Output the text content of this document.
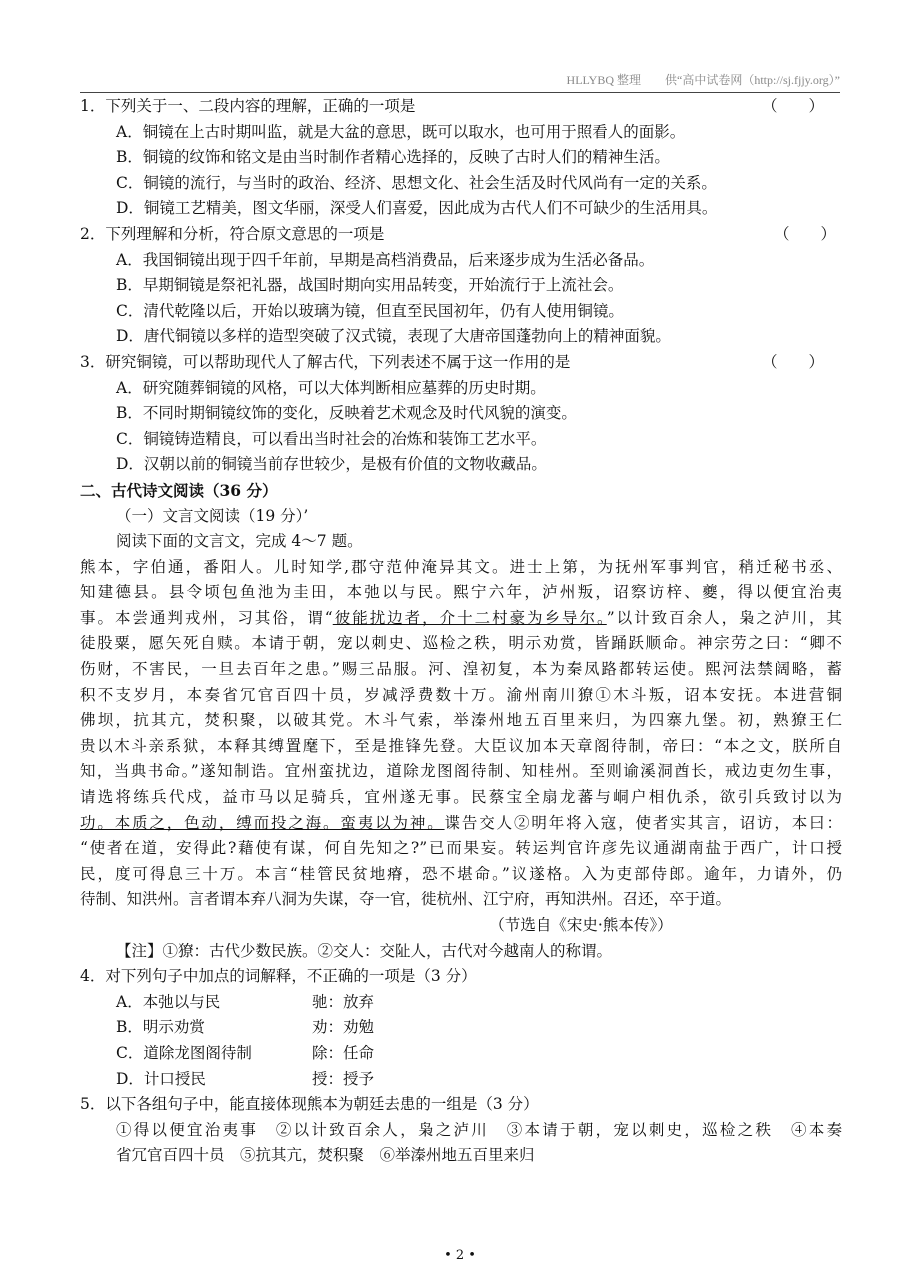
HLLYBQ 整理　　供“高中试卷网（http://sj.fjjy.org）”
1．下列关于一、二段内容的理解，正确的一项是	（　　）
A．铜镜在上古时期叫监，就是大盆的意思，既可以取水，也可用于照看人的面影。
B．铜镜的纹饰和铭文是由当时制作者精心选择的，反映了古时人们的精神生活。
C．铜镜的流行，与当时的政治、经济、思想文化、社会生活及时代风尚有一定的关系。
D．铜镜工艺精美，图文华丽，深受人们喜爱，因此成为古代人们不可缺少的生活用具。
2．下列理解和分析，符合原文意思的一项是	（　　）
A．我国铜镜出现于四千年前，早期是高档消费品，后来逐步成为生活必备品。
B．早期铜镜是祭祀礼器，战国时期向实用品转变，开始流行于上流社会。
C．清代乾隆以后，开始以玻璃为镜，但直至民国初年，仍有人使用铜镜。
D．唐代铜镜以多样的造型突破了汉式镜，表现了大唐帝国蓬勃向上的精神面貌。
3．研究铜镜，可以帮助现代人了解古代，下列表述不属于这一作用的是	（　　）
A．研究随葬铜镜的风格，可以大体判断相应墓葬的历史时期。
B．不同时期铜镜纹饰的变化，反映着艺术观念及时代风貌的演变。
C．铜镜铸造精良，可以看出当时社会的冶炼和装饰工艺水平。
D．汉朝以前的铜镜当前存世较少，是极有价值的文物收藏品。
二、古代诗文阅读（36 分）
（一）文言文阅读（19 分）’
阅读下面的文言文，完成 4～7 题。
熊本，字伯通，番阳人。儿时知学,郡守范仲淹异其文。进士上第，为抚州军事判官，稍迁秘书丞、
知建德县。县令顷包鱼池为圭田，本弛以与民。熙宁六年，泸州叛，诏察访梓、夔，得以便宜治夷
事。本尝通判戎州，习其俗，谓“彼能扰边者，介十二村豪为乡导尔。”以计致百余人，枭之泸川，其
徒股粟，愿矢死自赎。本请于朝，宠以刺史、巡检之秩，明示劝赏，皆踊跃顺命。神宗劳之曰：“卿不
伤财，不害民，一旦去百年之患。”赐三品服。河、湟初复，本为秦凤路都转运使。熙河法禁阔略，蓄
积不支岁月，本奏省冗官百四十员，岁减浮费数十万。渝州南川獠①木斗叛，诏本安抚。本进营铜
佛坝，抗其亢，焚积聚，以破其党。木斗气索，举溱州地五百里来归，为四寨九堡。初，熟獠王仁
贵以木斗亲系狱，本释其缚置麾下，至是推锋先登。大臣议加本天章阁待制，帝曰：“本之文，朕所自
知，当典书命。”遂知制诰。宜州蛮扰边，道除龙图阁待制、知桂州。至则谕溪洞酋长，戒边吏勿生事，
请选将练兵代戍，益市马以足骑兵，宜州遂无事。民蔡宝全扇龙蕃与峒户相仇杀，欲引兵致讨以为
功。本质之，色动，缚而投之海。蛮夷以为神。谍告交人②明年将入寇，使者实其言，诏访，本曰：
“使者在道，安得此?藉使有谋，何自先知之?”已而果妄。转运判官许彦先议通湖南盐于西广，计口授
民，度可得息三十万。本言“桂管民贫地瘠，恐不堪命。”议遂格。入为吏部侍郎。逾年，力请外，仍
待制、知洪州。言者谓本弃八洞为失谋，夺一官，徙杭州、江宁府，再知洪州。召还，卒于道。
（节选自《宋史·熊本传》）
【注】①獠：古代少数民族。②交人：交阯人，古代对今越南人的称谓。
4．对下列句子中加点的词解释，不正确的一项是（3 分）
A．本弛以与民	驰：放弃
B．明示劝赏	劝：劝勉
C．道除龙图阁待制	除：任命
D．计口授民	授：授予
5．以下各组句子中，能直接体现熊本为朝廷去患的一组是（3 分）
①得以便宜治夷事　②以计致百余人，枭之泸川　③本请于朝，宠以刺史，巡检之秩　④本奏
省冗官百四十员　⑤抗其亢，焚积聚　⑥举溱州地五百里来归
• 2 •
